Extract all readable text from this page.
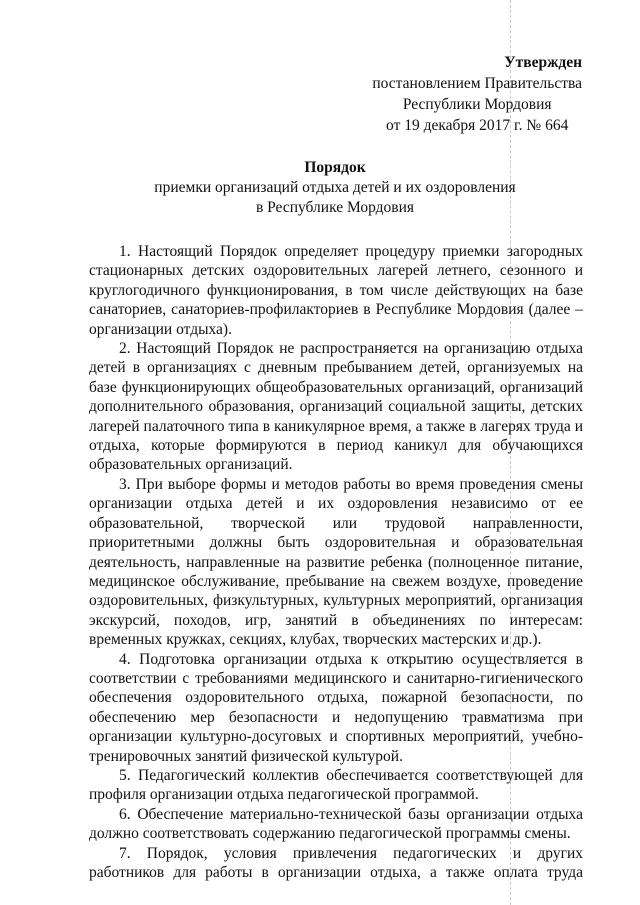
Утвержден
постановлением Правительства
Республики Мордовия
от 19 декабря 2017 г. № 664
Порядок
приемки организаций отдыха детей и их оздоровления
в Республике Мордовия

1. Настоящий Порядок определяет процедуру приемки загородных стационарных детских оздоровительных лагерей летнего, сезонного и круглогодичного функционирования, в том числе действующих на базе санаториев, санаториев-профилакториев в Республике Мордовия (далее – организации отдыха).

2. Настоящий Порядок не распространяется на организацию отдыха детей в организациях с дневным пребыванием детей, организуемых на базе функционирующих общеобразовательных организаций, организаций дополнительного образования, организаций социальной защиты, детских лагерей палаточного типа в каникулярное время, а также в лагерях труда и отдыха, которые формируются в период каникул для обучающихся образовательных организаций.

3. При выборе формы и методов работы во время проведения смены организации отдыха детей и их оздоровления независимо от ее образовательной, творческой или трудовой направленности, приоритетными должны быть оздоровительная и образовательная деятельность, направленные на развитие ребенка (полноценное питание, медицинское обслуживание, пребывание на свежем воздухе, проведение оздоровительных, физкультурных, культурных мероприятий, организация экскурсий, походов, игр, занятий в объединениях по интересам: временных кружках, секциях, клубах, творческих мастерских и др.).

4. Подготовка организации отдыха к открытию осуществляется в соответствии с требованиями медицинского и санитарно-гигиенического обеспечения оздоровительного отдыха, пожарной безопасности, по обеспечению мер безопасности и недопущению травматизма при организации культурно-досуговых и спортивных мероприятий, учебно-тренировочных занятий физической культурой.

5. Педагогический коллектив обеспечивается соответствующей для профиля организации отдыха педагогической программой.

6. Обеспечение материально-технической базы организации отдыха должно соответствовать содержанию педагогической программы смены.

7. Порядок, условия привлечения педагогических и других работников для работы в организации отдыха, а также оплата труда
